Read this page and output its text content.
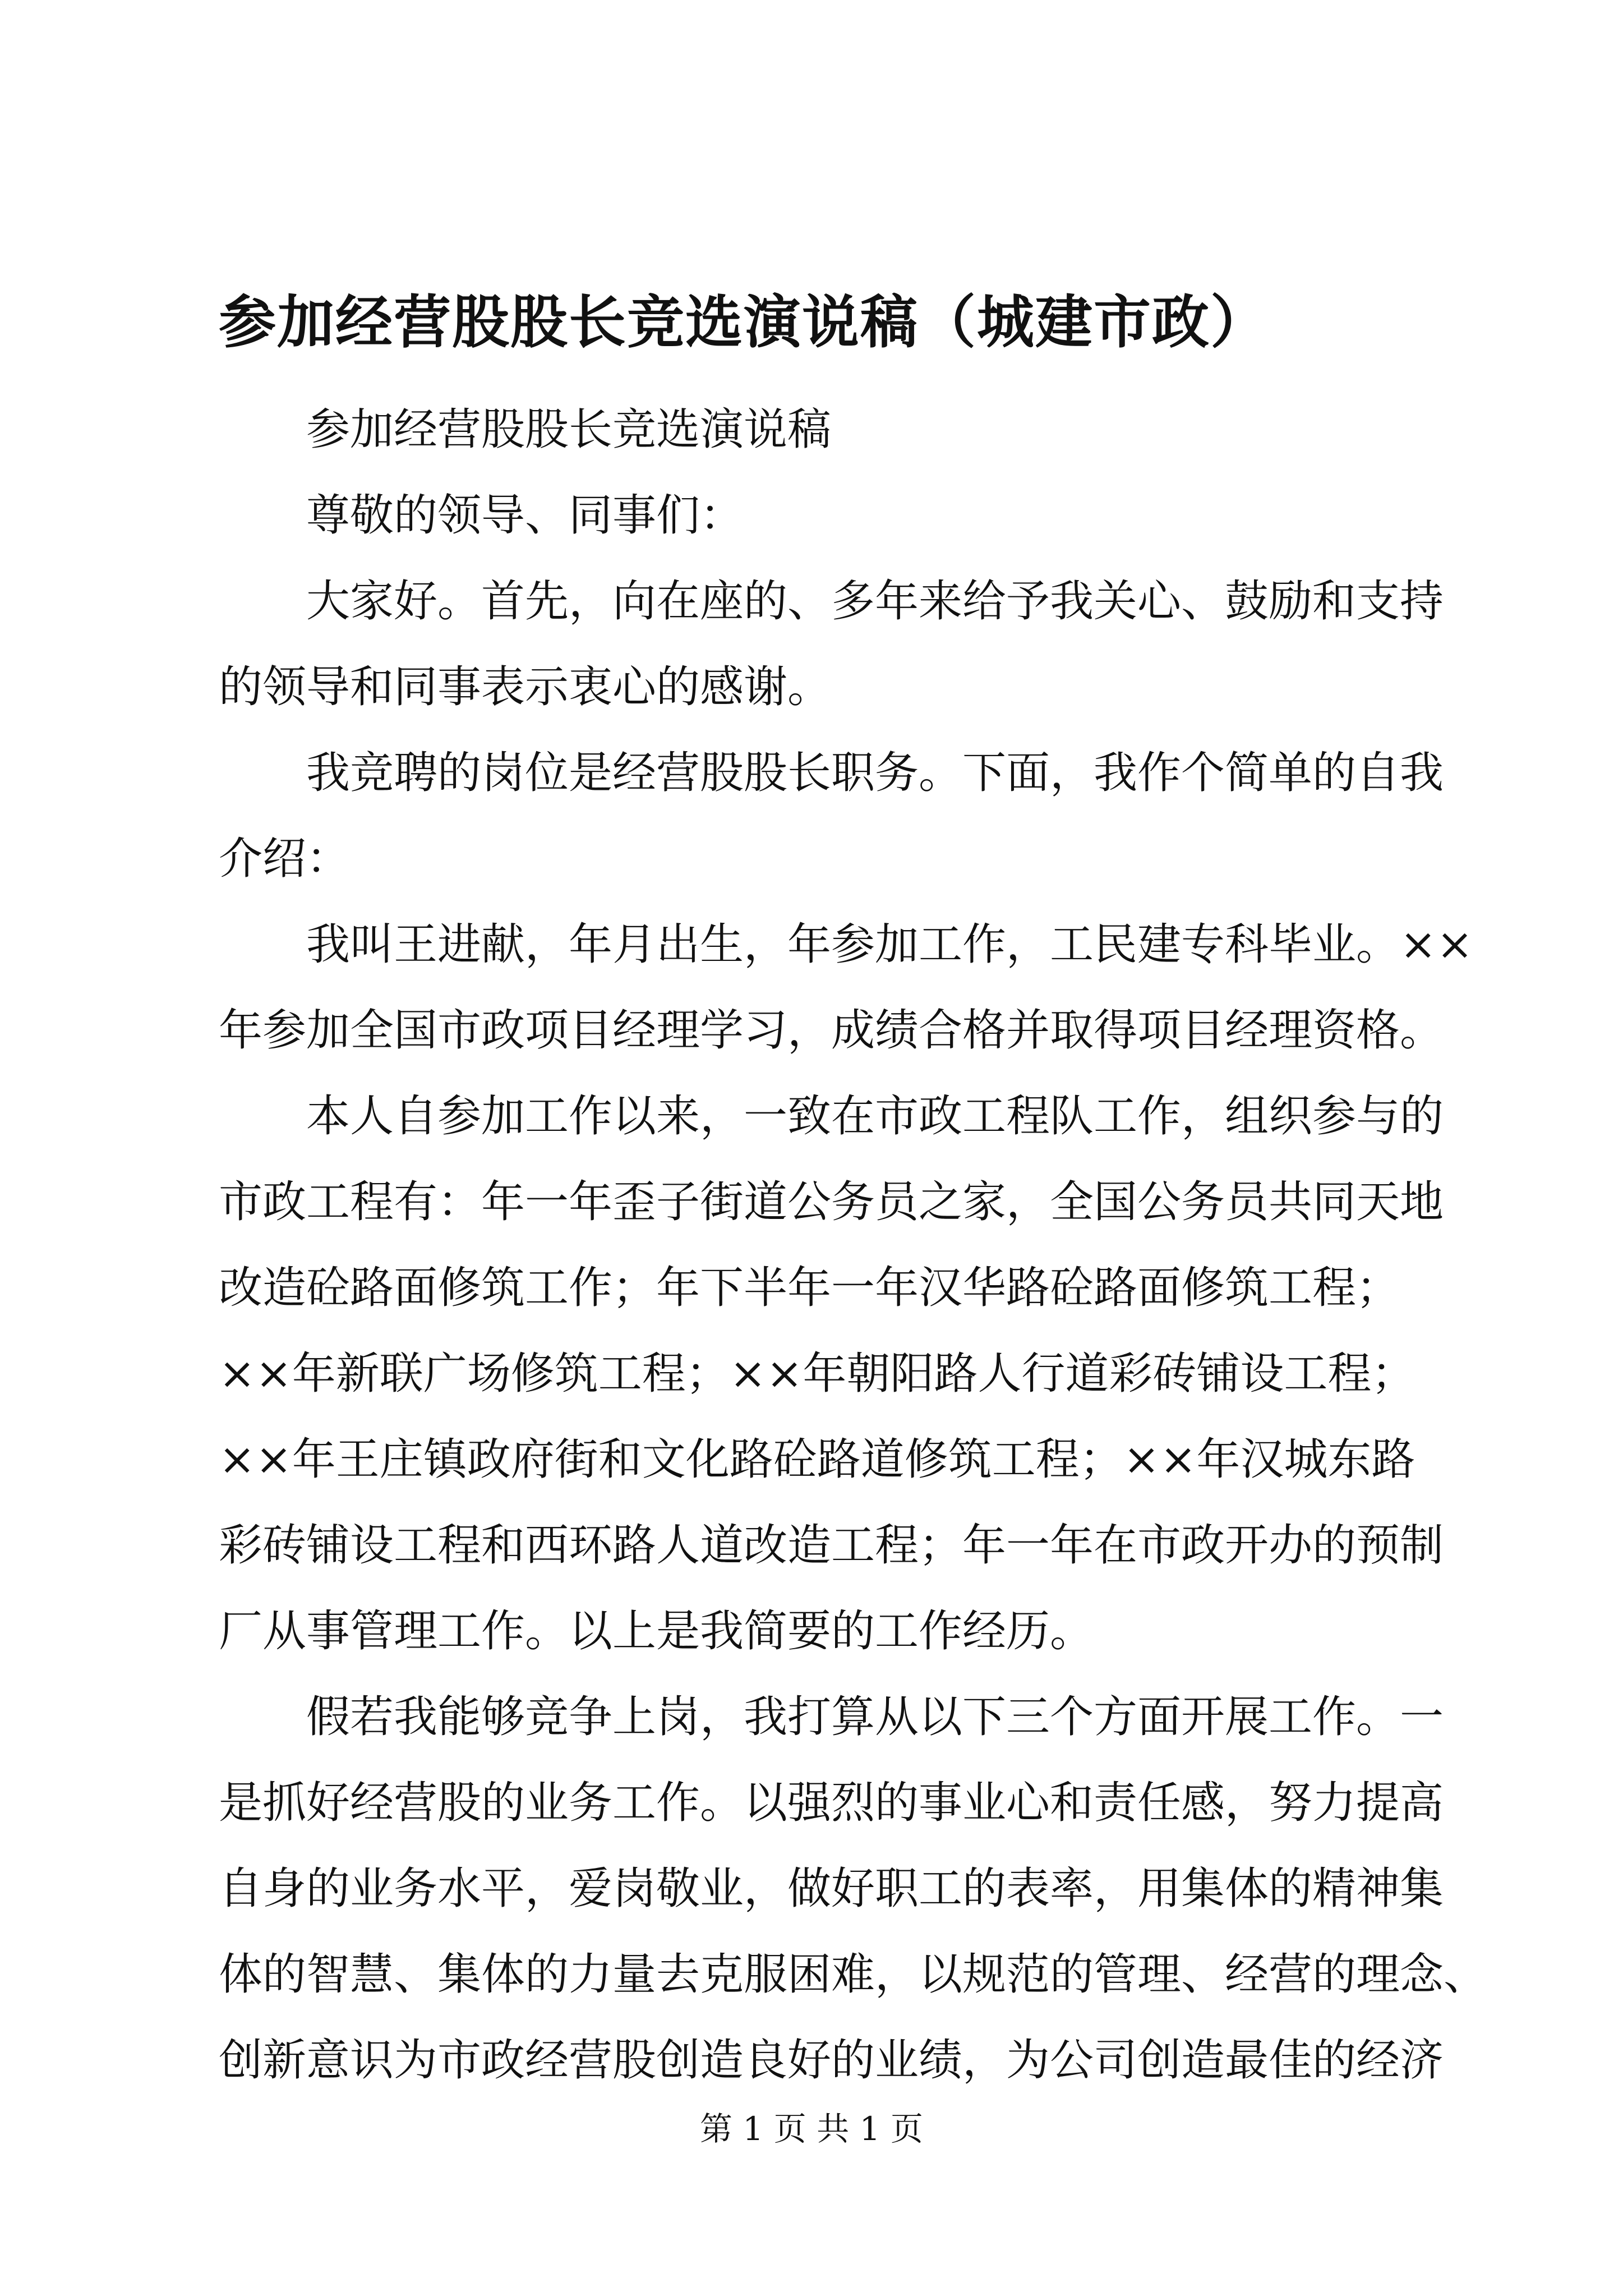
参加经营股股长竞选演说稿（城建市政）
参加经营股股长竞选演说稿
尊敬的领导、同事们：
大家好。首先，向在座的、多年来给予我关心、鼓励和支持
的领导和同事表示衷心的感谢。
我竞聘的岗位是经营股股长职务。下面，我作个简单的自我
介绍：
我叫王进献，年月出生，年参加工作，工民建专科毕业。××
年参加全国市政项目经理学习，成绩合格并取得项目经理资格。
本人自参加工作以来，一致在市政工程队工作，组织参与的
市政工程有：年一年歪子街道公务员之家，全国公务员共同天地
改造砼路面修筑工作；年下半年一年汉华路砼路面修筑工程；
××年新联广场修筑工程；××年朝阳路人行道彩砖铺设工程；
××年王庄镇政府街和文化路砼路道修筑工程；××年汉城东路
彩砖铺设工程和西环路人道改造工程；年一年在市政开办的预制
厂从事管理工作。以上是我简要的工作经历。
假若我能够竞争上岗，我打算从以下三个方面开展工作。一
是抓好经营股的业务工作。以强烈的事业心和责任感，努力提高
自身的业务水平，爱岗敬业，做好职工的表率，用集体的精神集
体的智慧、集体的力量去克服困难，以规范的管理、经营的理念、
创新意识为市政经营股创造良好的业绩，为公司创造最佳的经济
第 1 页 共 1 页
